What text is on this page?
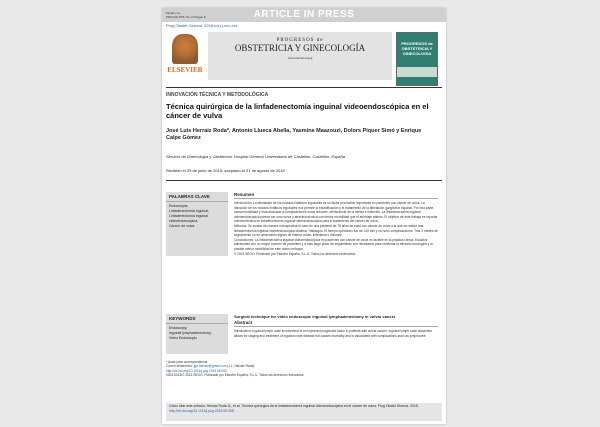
ARTICLE IN PRESS
Model | G+
PROGOI-878; No. of Pages 8
Prog Obstet Ginecol. 2015;xx(x):xxx-xxx
ELSEVIER
PROGRESOS de
OBSTETRICIA Y GINECOLOGÍA
www.elsevier.es/pog
PROGRESOS de OBSTETRICIA Y GINECOLOGÍA
INNOVACIÓN TÉCNICA Y METODOLÓGICA
Técnica quirúrgica de la linfadenectomía inguinal videoendoscópica en el cáncer de vulva
José Luis Herraiz Roda*, Antonio Llueca Abella, Yasmine Maazouzi, Dolors Piquer Simó y Enrique Calpe Gómez
Servicio de Ginecología y Obstetricia, Hospital General Universitario de Castellón, Castellón, España
Recibido el 29 de junio de 2015; aceptado el 21 de agosto de 2015
PALABRAS CLAVE
Endoscopia;
Linfadenectomía inguinal;
Linfadenectomía inguinal videoendoscópica;
Cáncer de vulva
Resumen
Introducción: La afectación de los nódulos linfáticos inguinales es un factor pronóstico importante en pacientes con cáncer de vulva. La disección de los nódulos linfáticos inguinales nos permite la estadificación y el tratamiento de la afectación ganglionar inguinal. Por otra parte, causa morbilidad y está asociada a complicaciones como linfocele, dehiscencia de la herida e infección. La linfadenectomía inguinal videoendoscópica parece ser una nueva y atractiva técnica con menor morbilidad que el abordaje abierto. El objetivo de este trabajo es reportar nuestra técnica de linfadenectomía inguinal videoendoscópica para el tratamiento del cáncer de vulva.
Métodos: Se evaluó de manera retrospectiva el caso de una paciente de 78 años de edad con cáncer de vulva a la que se realizó una linfadenectomía inguinal videoendoscópica bilateral. Hallazgos: El tiempo operatorio fue de 140 min y no hubo complicaciones. Tras 3 meses de seguimiento no se observaron signos de edema vulvar, linfedema o linfocele.
Conclusiones: La linfadenectomía inguinal videoendoscópica en pacientes con cáncer de vulva es factible en la práctica clínica. Estudios adicionales con un mayor número de pacientes y a más largo plazo de seguimiento son necesarios para confirmar la eficacia oncológica y la posible menor morbilidad de este nuevo enfoque.
© 2015 SEGO. Publicado por Elsevier España, S.L.U. Todos los derechos reservados.
KEYWORDS
Endoscopy;
Inguinal lymphadenectomy;
Video Endoscopic
Surgical technique for video endoscopic inguinal lymphadenectomy in vulvar cancer
Abstract
Introduction: Inguinal lymph node involvement is an important prognostic factor in patients with vulvar cancer. Inguinal lymph node dissection allows for staging and treatment of inguinal node disease but causes morbidity and is associated with complications such as lymphocele
* Autor para correspondencia.
Correo electrónico: jgo.herraiz@gmail.com (J.L. Herraiz Roda).
http://dx.doi.org/10.1016/j.pog.2015.08.008
0304-5013/© 2015 SEGO. Publicado por Elsevier España, S.L.U. Todos los derechos reservados.
Cómo citar este artículo: Herraiz Roda JL, et al. Técnica quirúrgica de la linfadenectomía inguinal videoendoscópica en el cáncer de vulva. Prog Obstet Ginecol. 2015. http://dx.doi.org/10.1016/j.pog.2015.08.008
